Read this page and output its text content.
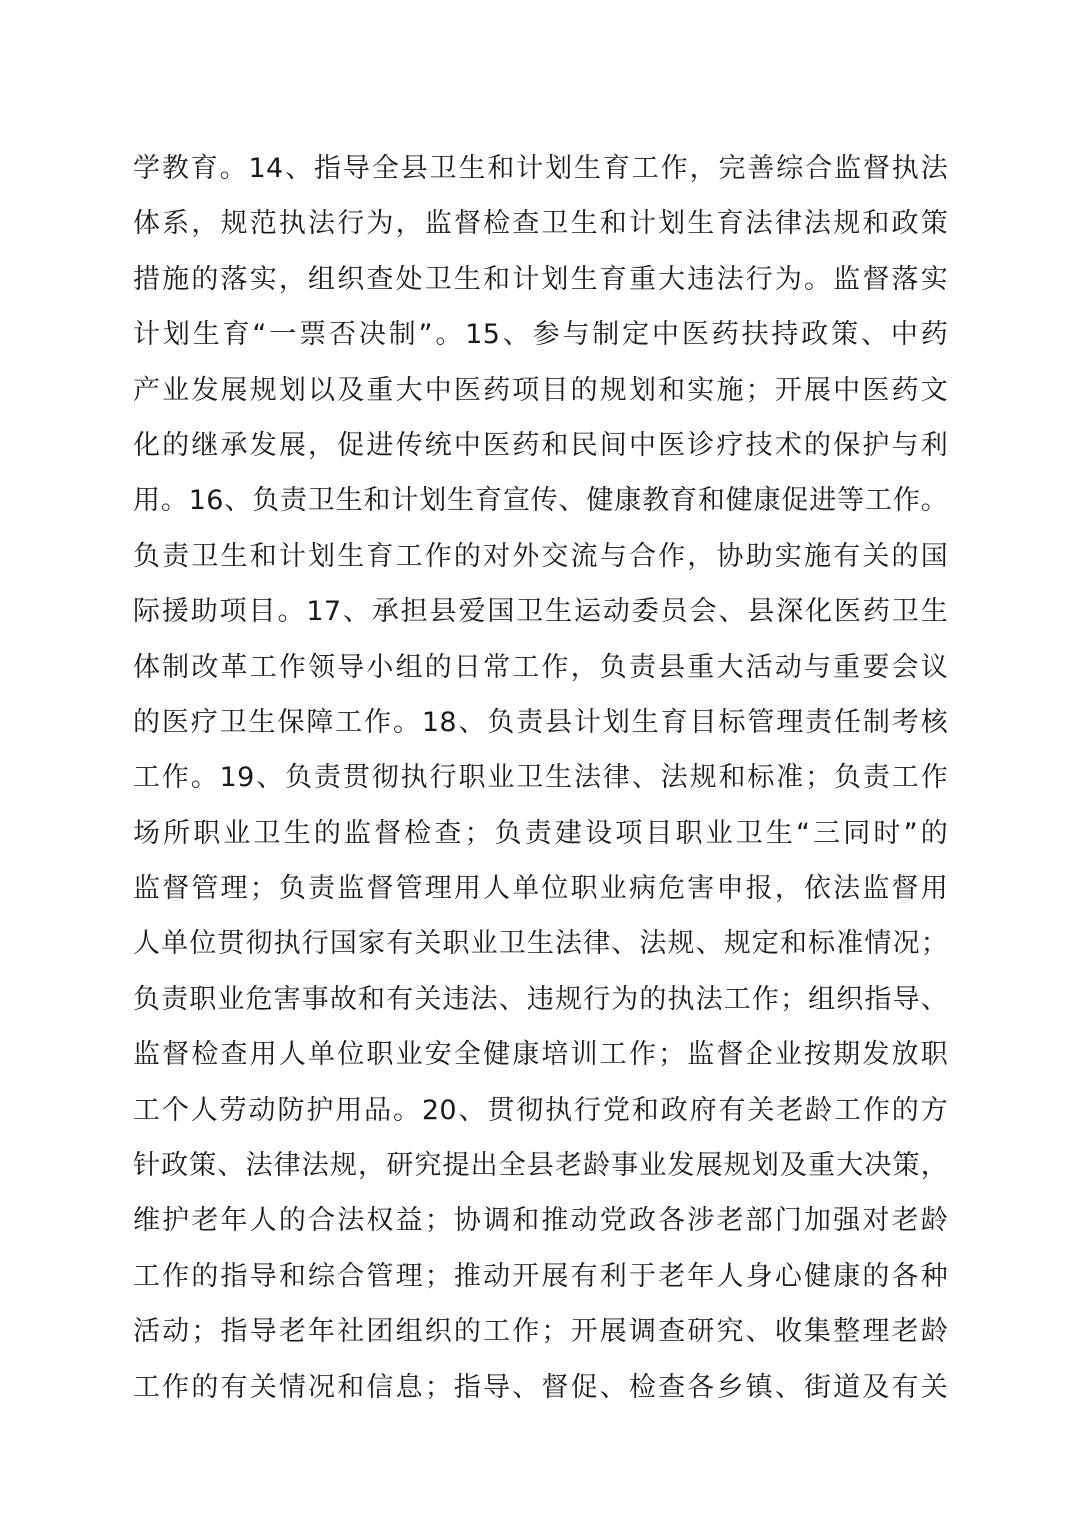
学教育。14、指导全县卫生和计划生育工作，完善综合监督执法
体系，规范执法行为，监督检查卫生和计划生育法律法规和政策
措施的落实，组织查处卫生和计划生育重大违法行为。监督落实
计划生育“一票否决制”。15、参与制定中医药扶持政策、中药
产业发展规划以及重大中医药项目的规划和实施；开展中医药文
化的继承发展，促进传统中医药和民间中医诊疗技术的保护与利
用。16、负责卫生和计划生育宣传、健康教育和健康促进等工作。
负责卫生和计划生育工作的对外交流与合作，协助实施有关的国
际援助项目。17、承担县爱国卫生运动委员会、县深化医药卫生
体制改革工作领导小组的日常工作，负责县重大活动与重要会议
的医疗卫生保障工作。18、负责县计划生育目标管理责任制考核
工作。19、负责贯彻执行职业卫生法律、法规和标准；负责工作
场所职业卫生的监督检查；负责建设项目职业卫生“三同时”的
监督管理；负责监督管理用人单位职业病危害申报，依法监督用
人单位贯彻执行国家有关职业卫生法律、法规、规定和标准情况；
负责职业危害事故和有关违法、违规行为的执法工作；组织指导、
监督检查用人单位职业安全健康培训工作；监督企业按期发放职
工个人劳动防护用品。20、贯彻执行党和政府有关老龄工作的方
针政策、法律法规，研究提出全县老龄事业发展规划及重大决策，
维护老年人的合法权益；协调和推动党政各涉老部门加强对老龄
工作的指导和综合管理；推动开展有利于老年人身心健康的各种
活动；指导老年社团组织的工作；开展调查研究、收集整理老龄
工作的有关情况和信息；指导、督促、检查各乡镇、街道及有关
